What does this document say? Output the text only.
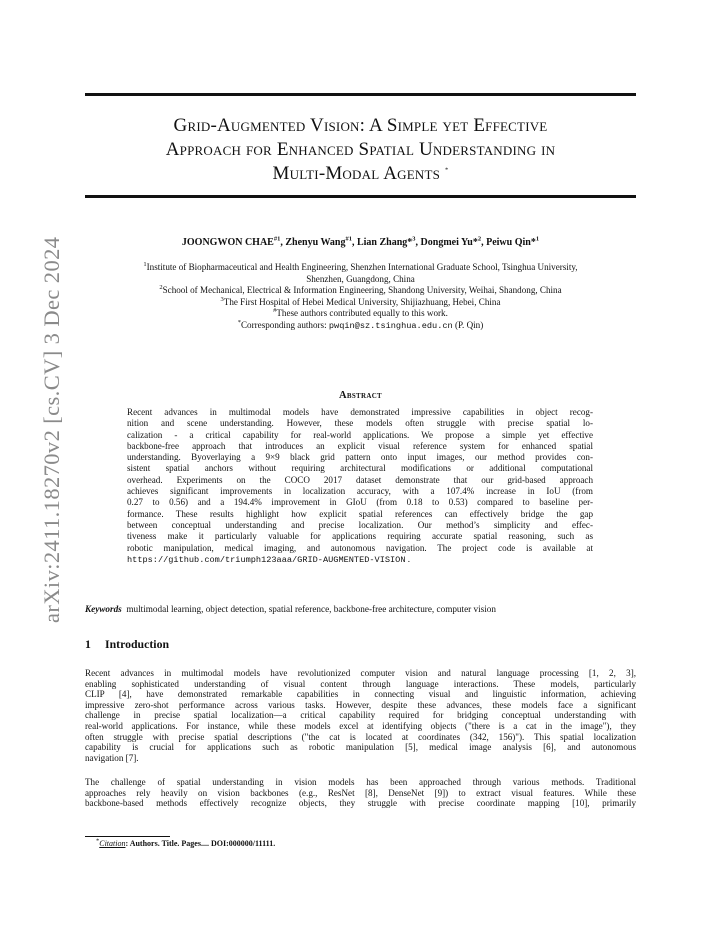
Grid-Augmented Vision: A Simple yet Effective
Approach for Enhanced Spatial Understanding in
Multi-Modal Agents *
arXiv:2411.18270v2 [cs.CV] 3 Dec 2024	JOONGWON CHAE$^{\#1}$, Zhenyu Wang$^{\#1}$, Lian Zhang*$^3$, Dongmei Yu*$^2$, Peiwu Qin*$^1$
$^1$Institute of Biopharmaceutical and Health Engineering, Shenzhen International Graduate School, Tsinghua University,
Shenzhen, Guangdong, China
$^2$School of Mechanical, Electrical & Information Engineering, Shandong University, Weihai, Shandong, China
$^3$The First Hospital of Hebei Medical University, Shijiazhuang, Hebei, China
#These authors contributed equally to this work.
*Corresponding authors: pwqin@sz.tsinghua.edu.cn (P. Qin)
Abstract
Recent advances in multimodal models have demonstrated impressive capabilities in object recog-
nition and scene understanding. However, these models often struggle with precise spatial lo-
calization - a critical capability for real-world applications. We propose a simple yet effective
backbone-free approach that introduces an explicit visual reference system for enhanced spatial
understanding. Byoverlaying a 9×9 black grid pattern onto input images, our method provides con-
sistent spatial anchors without requiring architectural modifications or additional computational
overhead. Experiments on the COCO 2017 dataset demonstrate that our grid-based approach
achieves significant improvements in localization accuracy, with a 107.4% increase in IoU (from
0.27 to 0.56) and a 194.4% improvement in GIoU (from 0.18 to 0.53) compared to baseline per-
formance. These results highlight how explicit spatial references can effectively bridge the gap
between conceptual understanding and precise localization. Our method’s simplicity and effec-
tiveness make it particularly valuable for applications requiring accurate spatial reasoning, such as
robotic manipulation, medical imaging, and autonomous navigation. The project code is available at
https://github.com/triumph123aaa/GRID-AUGMENTED-VISION .
Keywords multimodal learning, object detection, spatial reference, backbone-free architecture, computer vision
1 Introduction
Recent advances in multimodal models have revolutionized computer vision and natural language processing [1, 2, 3],
enabling sophisticated understanding of visual content through language interactions. These models, particularly
CLIP [4], have demonstrated remarkable capabilities in connecting visual and linguistic information, achieving
impressive zero-shot performance across various tasks. However, despite these advances, these models face a significant
challenge in precise spatial localization—a critical capability required for bridging conceptual understanding with
real-world applications. For instance, while these models excel at identifying objects ("there is a cat in the image"), they
often struggle with precise spatial descriptions ("the cat is located at coordinates (342, 156)"). This spatial localization
capability is crucial for applications such as robotic manipulation [5], medical image analysis [6], and autonomous
navigation [7].
The challenge of spatial understanding in vision models has been approached through various methods. Traditional
approaches rely heavily on vision backbones (e.g., ResNet [8], DenseNet [9]) to extract visual features. While these
backbone-based methods effectively recognize objects, they struggle with precise coordinate mapping [10], primarily
*Citation: Authors. Title. Pages.... DOI:000000/11111.
